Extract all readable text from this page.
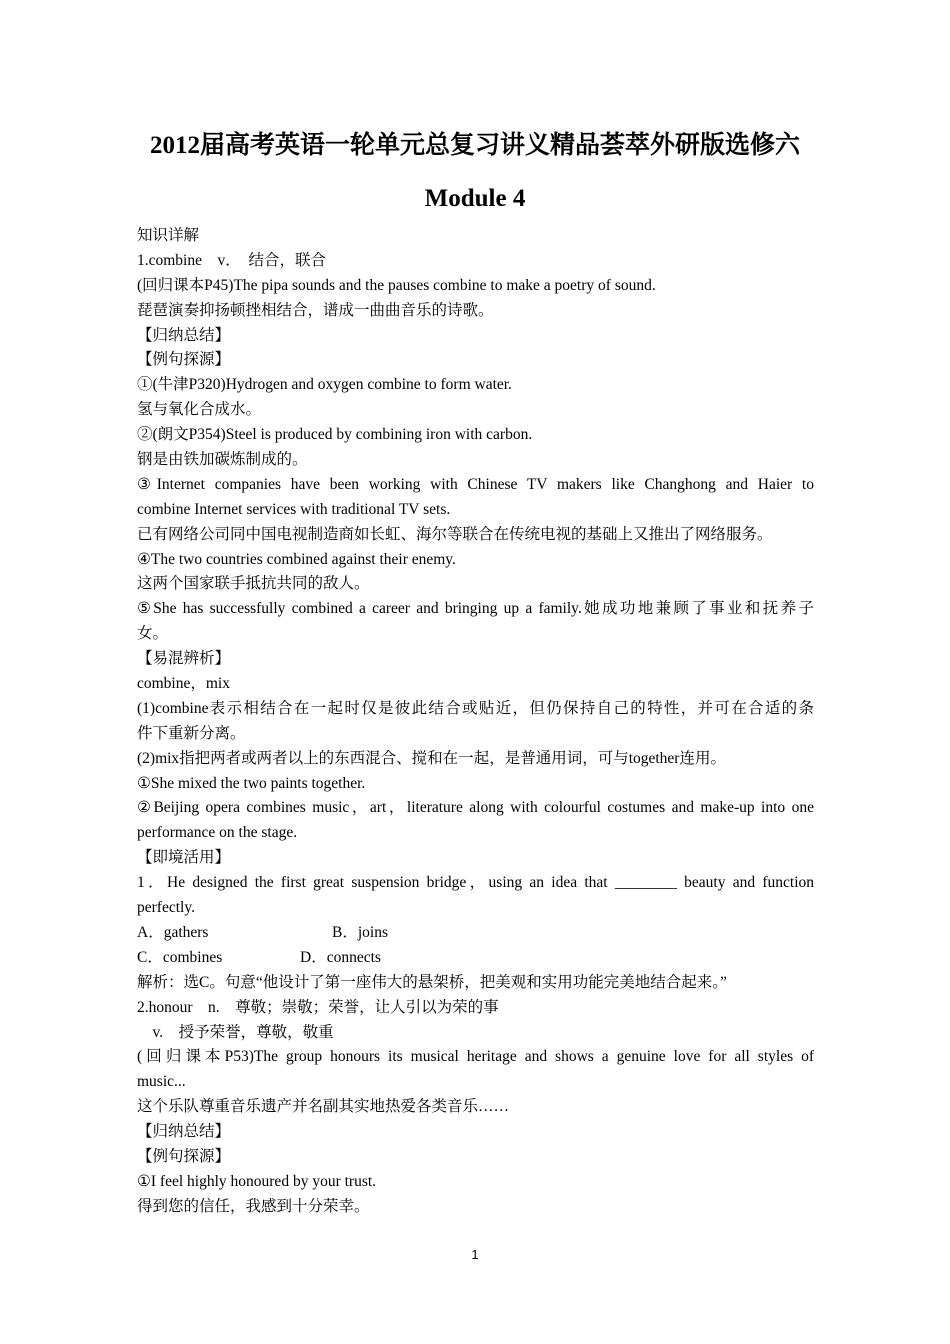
2012届高考英语一轮单元总复习讲义精品荟萃外研版选修六
Module 4
知识详解
1.combine　v．　结合，联合
(回归课本P45)The pipa sounds and the pauses combine to make a poetry of sound.
琵琶演奏抑扬顿挫相结合，谱成一曲曲音乐的诗歌。
【归纳总结】
【例句探源】
①(牛津P320)Hydrogen and oxygen combine to form water.
氢与氧化合成水。
②(朗文P354)Steel is produced by combining iron with carbon.
钢是由铁加碳炼制成的。
③Internet companies have been working with Chinese TV makers like Changhong and Haier to
combine Internet services with traditional TV sets.
已有网络公司同中国电视制造商如长虹、海尔等联合在传统电视的基础上又推出了网络服务。
④The two countries combined against their enemy.
这两个国家联手抵抗共同的敌人。
⑤She has successfully combined a career and bringing up a family.她成功地兼顾了事业和抚养子
女。
【易混辨析】
combine，mix
(1)combine表示相结合在一起时仅是彼此结合或贴近，但仍保持自己的特性，并可在合适的条
件下重新分离。
(2)mix指把两者或两者以上的东西混合、搅和在一起，是普通用词，可与together连用。
①She mixed the two paints together.
②Beijing opera combines music，art，literature along with colourful costumes and make-up into one
performance on the stage.
【即境活用】
1．He designed the first great suspension bridge，using an idea that ________ beauty and function
perfectly.
A．gathers	B．joins
C．combines	D．connects
解析：选C。句意“他设计了第一座伟大的悬架桥，把美观和实用功能完美地结合起来。”
2.honour　n.　尊敬；崇敬；荣誉，让人引以为荣的事
　v.　授予荣誉，尊敬，敬重
(回归课本P53)The group honours its musical heritage and shows a genuine love for all styles of
music...
这个乐队尊重音乐遗产并名副其实地热爱各类音乐……
【归纳总结】
【例句探源】
①I feel highly honoured by your trust.
得到您的信任，我感到十分荣幸。
1
